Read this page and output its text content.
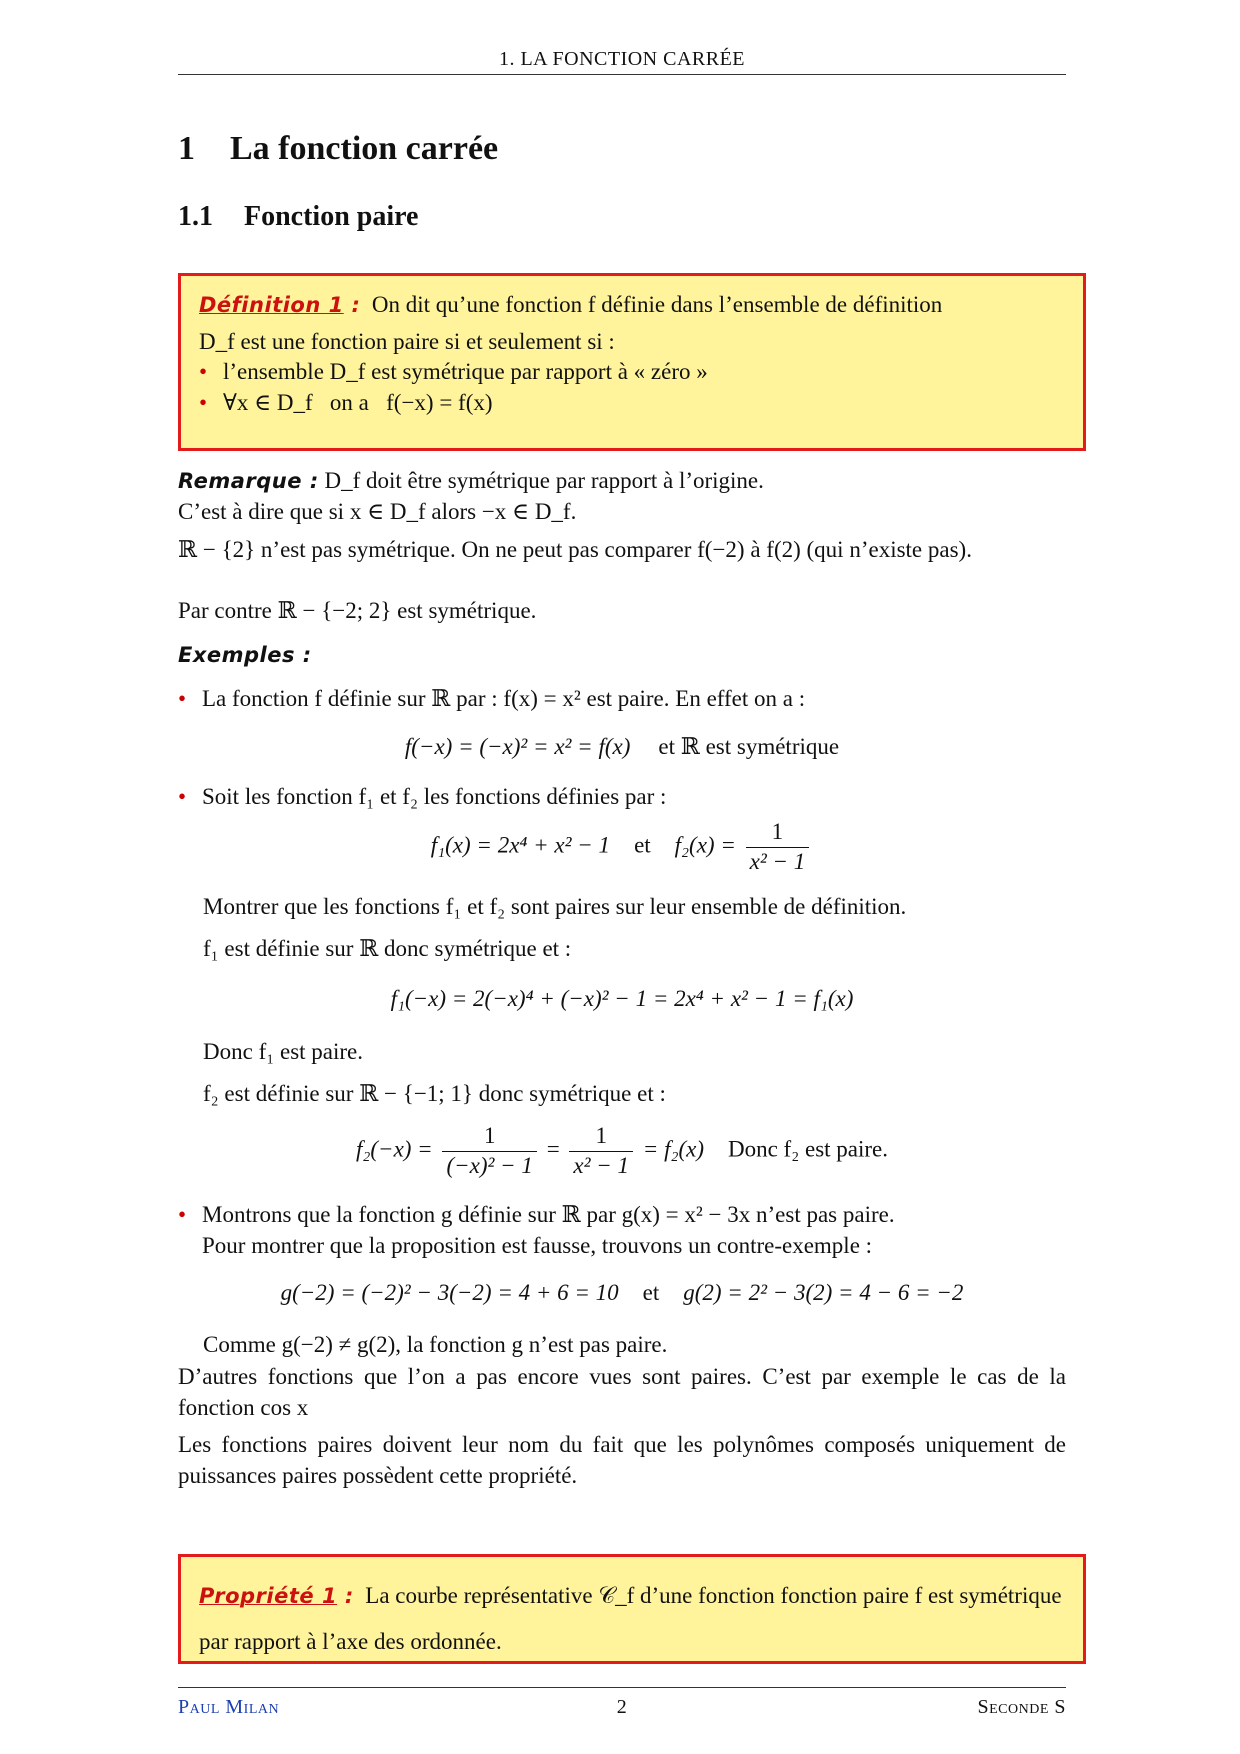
1. LA FONCTION CARRÉE
1 La fonction carrée
1.1 Fonction paire
Définition 1 : On dit qu’une fonction f définie dans l’ensemble de définition
D_f est une fonction paire si et seulement si :
• l’ensemble D_f est symétrique par rapport à « zéro »
• ∀x ∈ D_f   on a   f(−x) = f(x)
Remarque : D_f doit être symétrique par rapport à l’origine.
C’est à dire que si x ∈ D_f alors −x ∈ D_f.
ℝ − {2} n’est pas symétrique. On ne peut pas comparer f(−2) à f(2) (qui n’existe pas).
Par contre ℝ − {−2; 2} est symétrique.
Exemples :
• La fonction f définie sur ℝ par : f(x) = x² est paire. En effet on a :
f(−x) = (−x)² = x² = f(x) et ℝ est symétrique
• Soit les fonction f₁ et f₂ les fonctions définies par :
f₁(x) = 2x⁴ + x² − 1 et $f_2(x) = \frac{1}{\text{x² − 1}}$
Montrer que les fonctions f₁ et f₂ sont paires sur leur ensemble de définition.
f₁ est définie sur ℝ donc symétrique et :
f₁(−x) = 2(−x)⁴ + (−x)² − 1 = 2x⁴ + x² − 1 = f₁(x)
Donc f₁ est paire.
f₂ est définie sur ℝ − {−1; 1} donc symétrique et :
$f_2(-x) = \frac{1}{\text{(−x)² − 1}} = \frac{1}{\text{x² − 1}} = f_2(x)$ Donc f₂ est paire.
• Montrons que la fonction g définie sur ℝ par g(x) = x² − 3x n’est pas paire.
Pour montrer que la proposition est fausse, trouvons un contre-exemple :
g(−2) = (−2)² − 3(−2) = 4 + 6 = 10 et g(2) = 2² − 3(2) = 4 − 6 = −2
Comme g(−2) ≠ g(2), la fonction g n’est pas paire.
D’autres fonctions que l’on a pas encore vues sont paires. C’est par exemple le cas de la fonction cos x
Les fonctions paires doivent leur nom du fait que les polynômes composés uniquement de puissances paires possèdent cette propriété.
Propriété 1 : La courbe représentative 𝒞_f d’une fonction fonction paire f est symétrique par rapport à l’axe des ordonnée.
Paul Milan	2	Seconde S
